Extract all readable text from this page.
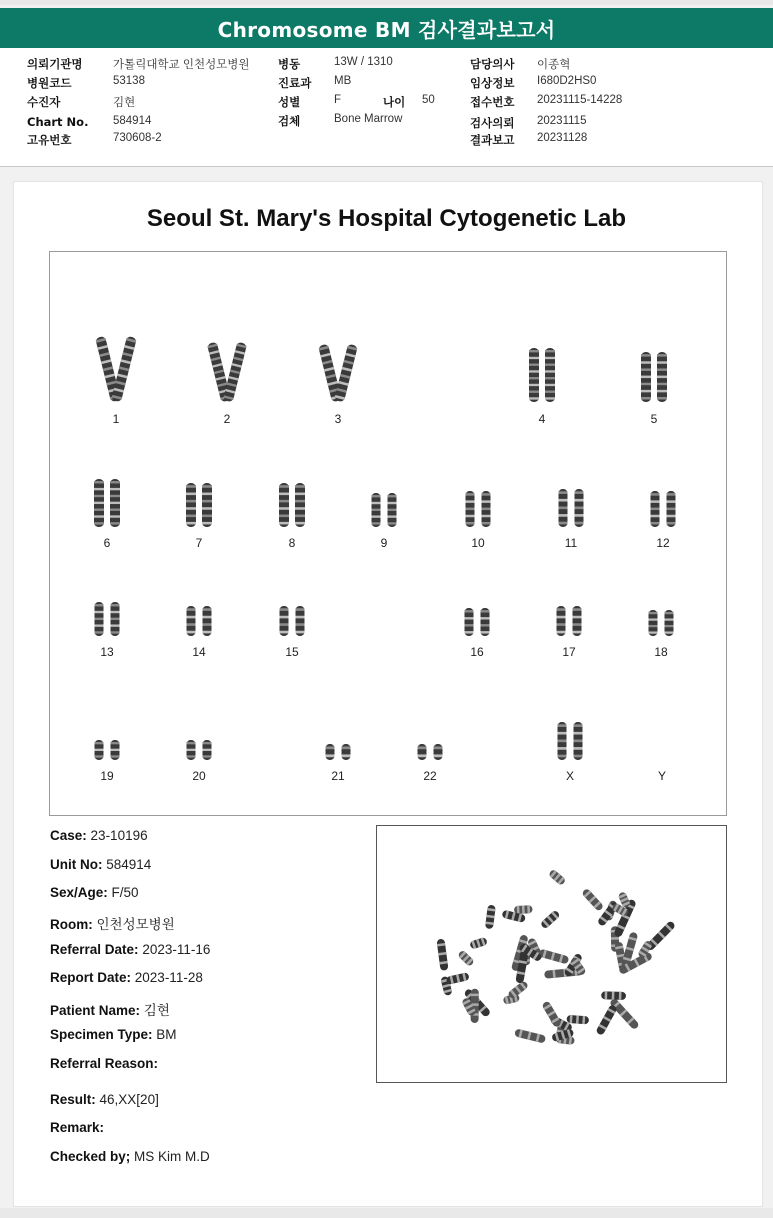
Chromosome BM 검사결과보고서
의뢰기관명	가톨릭대학교 인천성모병원
병원코드	53138
수진자	김현
Chart No. 584914
고유번호	730608-2
병동	13W / 1310
진료과 MB
성별	F	나이 50
검체	Bone Marrow
담당의사 이종혁
임상정보 I680D2HS0
접수번호 20231115-14228
검사의뢰 20231115
결과보고 20231128
Seoul St. Mary's Hospital Cytogenetic Lab
1	2	3	4	5
6	7	8	9	10	11	12
13	14	15	16	17	18
19	20	21	22	X	Y
Case: 23-10196
Unit No: 584914
Sex/Age: F/50
Room: 인천성모병원
Referral Date: 2023-11-16
Report Date: 2023-11-28
Patient Name: 김현
Specimen Type: BM
Referral Reason:
Result: 46,XX[20]
Remark:
Checked by; MS Kim M.D
